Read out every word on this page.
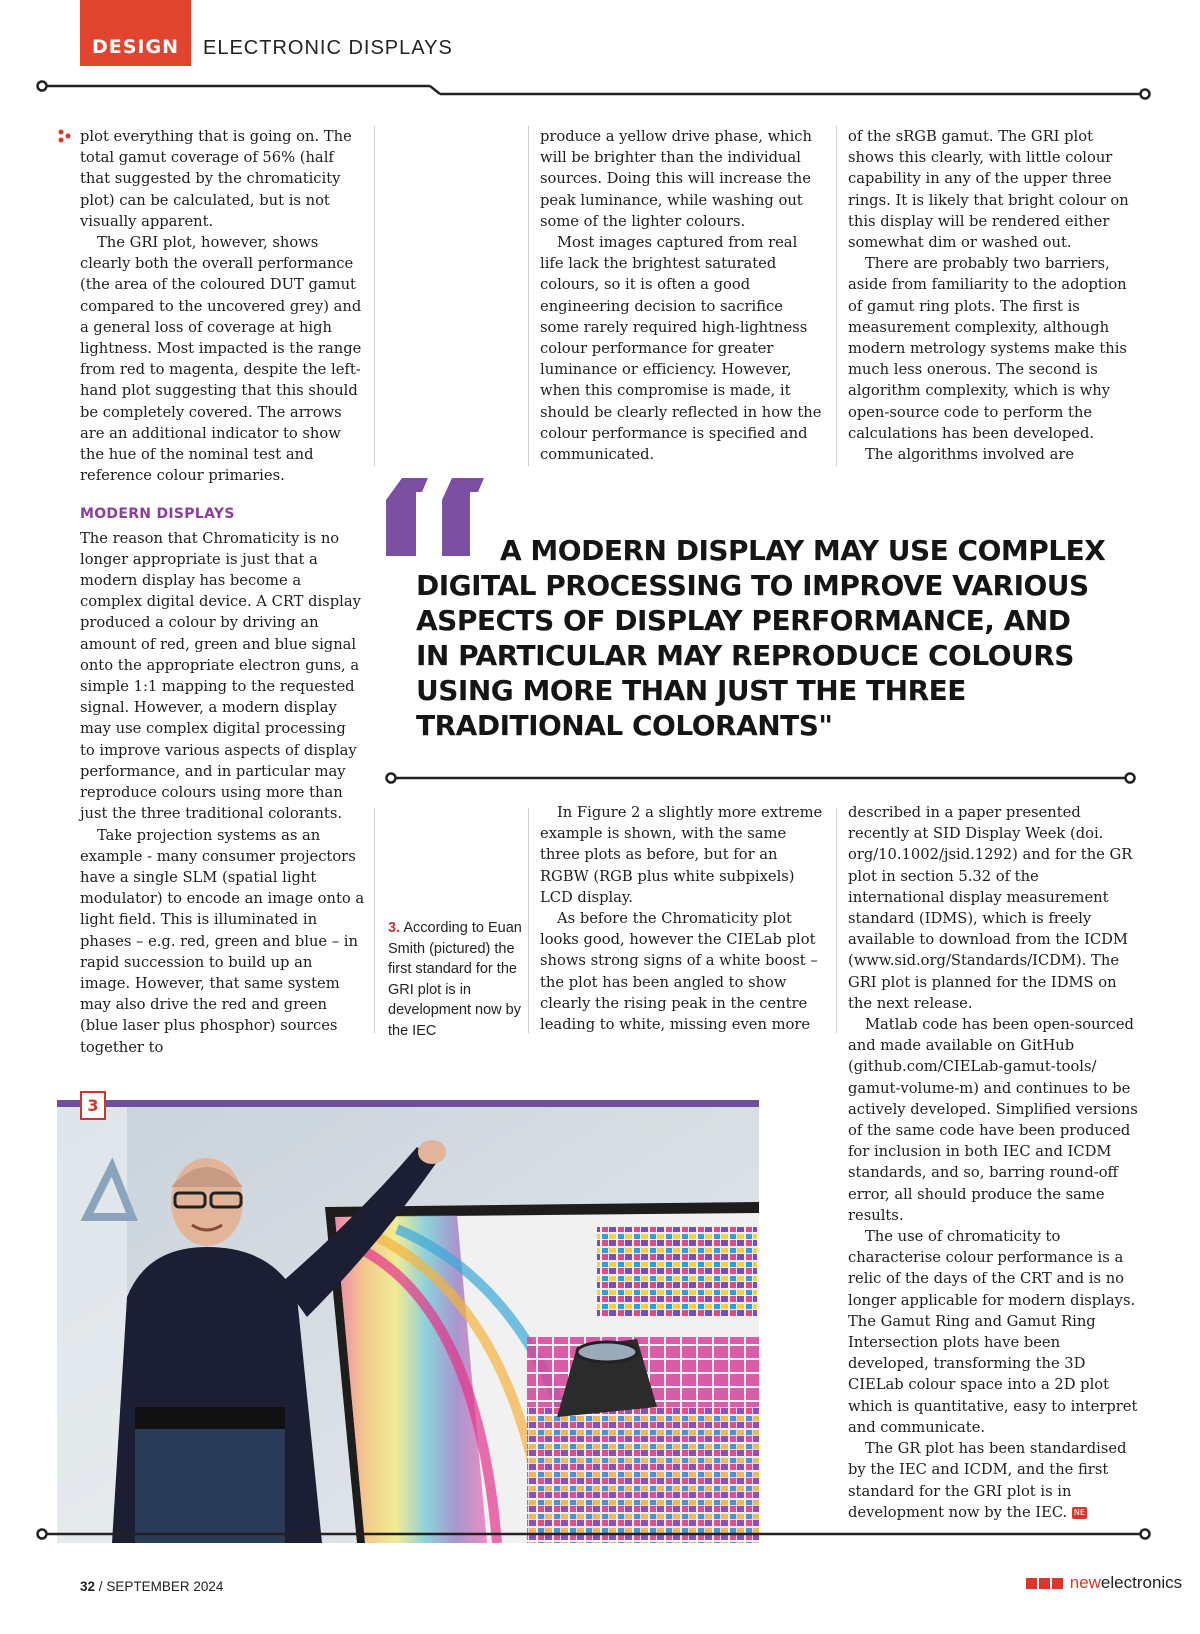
DESIGN	ELECTRONIC DISPLAYS

plot everything that is going on. The total gamut coverage of 56% (half that suggested by the chromaticity plot) can be calculated, but is not visually apparent.

The GRI plot, however, shows clearly both the overall performance (the area of the coloured DUT gamut compared to the uncovered grey) and a general loss of coverage at high lightness. Most impacted is the range from red to magenta, despite the left-hand plot suggesting that this should be completely covered. The arrows are an additional indicator to show the hue of the nominal test and reference colour primaries.

MODERN DISPLAYS

The reason that Chromaticity is no longer appropriate is just that a modern display has become a complex digital device. A CRT display produced a colour by driving an amount of red, green and blue signal onto the appropriate electron guns, a simple 1:1 mapping to the requested signal. However, a modern display may use complex digital processing to improve various aspects of display performance, and in particular may reproduce colours using more than just the three traditional colorants.

Take projection systems as an example - many consumer projectors have a single SLM (spatial light modulator) to encode an image onto a light field. This is illuminated in phases – e.g. red, green and blue – in rapid succession to build up an image. However, that same system may also drive the red and green (blue laser plus phosphor) sources together to

produce a yellow drive phase, which will be brighter than the individual sources. Doing this will increase the peak luminance, while washing out some of the lighter colours.

Most images captured from real life lack the brightest saturated colours, so it is often a good engineering decision to sacrifice some rarely required high-lightness colour performance for greater luminance or efficiency. However, when this compromise is made, it should be clearly reflected in how the colour performance is specified and communicated.

of the sRGB gamut. The GRI plot shows this clearly, with little colour capability in any of the upper three rings. It is likely that bright colour on this display will be rendered either somewhat dim or washed out.

There are probably two barriers, aside from familiarity to the adoption of gamut ring plots. The first is measurement complexity, although modern metrology systems make this much less onerous. The second is algorithm complexity, which is why open-source code to perform the calculations has been developed.

The algorithms involved are

A MODERN DISPLAY MAY USE COMPLEX DIGITAL PROCESSING TO IMPROVE VARIOUS ASPECTS OF DISPLAY PERFORMANCE, AND IN PARTICULAR MAY REPRODUCE COLOURS USING MORE THAN JUST THE THREE TRADITIONAL COLORANTS"
3. According to Euan Smith (pictured) the first standard for the GRI plot is in development now by the IEC

In Figure 2 a slightly more extreme example is shown, with the same three plots as before, but for an RGBW (RGB plus white subpixels) LCD display.

As before the Chromaticity plot looks good, however the CIELab plot shows strong signs of a white boost – the plot has been angled to show clearly the rising peak in the centre leading to white, missing even more

described in a paper presented recently at SID Display Week (doi. org/10.1002/jsid.1292) and for the GR plot in section 5.32 of the international display measurement standard (IDMS), which is freely available to download from the ICDM (www.sid.org/Standards/ICDM). The GRI plot is planned for the IDMS on the next release.

Matlab code has been open-sourced and made available on GitHub (github.com/CIELab-gamut-tools/ gamut-volume-m) and continues to be actively developed. Simplified versions of the same code have been produced for inclusion in both IEC and ICDM standards, and so, barring round-off error, all should produce the same results.

The use of chromaticity to characterise colour performance is a relic of the days of the CRT and is no longer applicable for modern displays. The Gamut Ring and Gamut Ring Intersection plots have been developed, transforming the 3D CIELab colour space into a 2D plot which is quantitative, easy to interpret and communicate.

The GR plot has been standardised by the IEC and ICDM, and the first standard for the GRI plot is in development now by the IEC. NE

3
32 / SEPTEMBER 2024	newelectronics
